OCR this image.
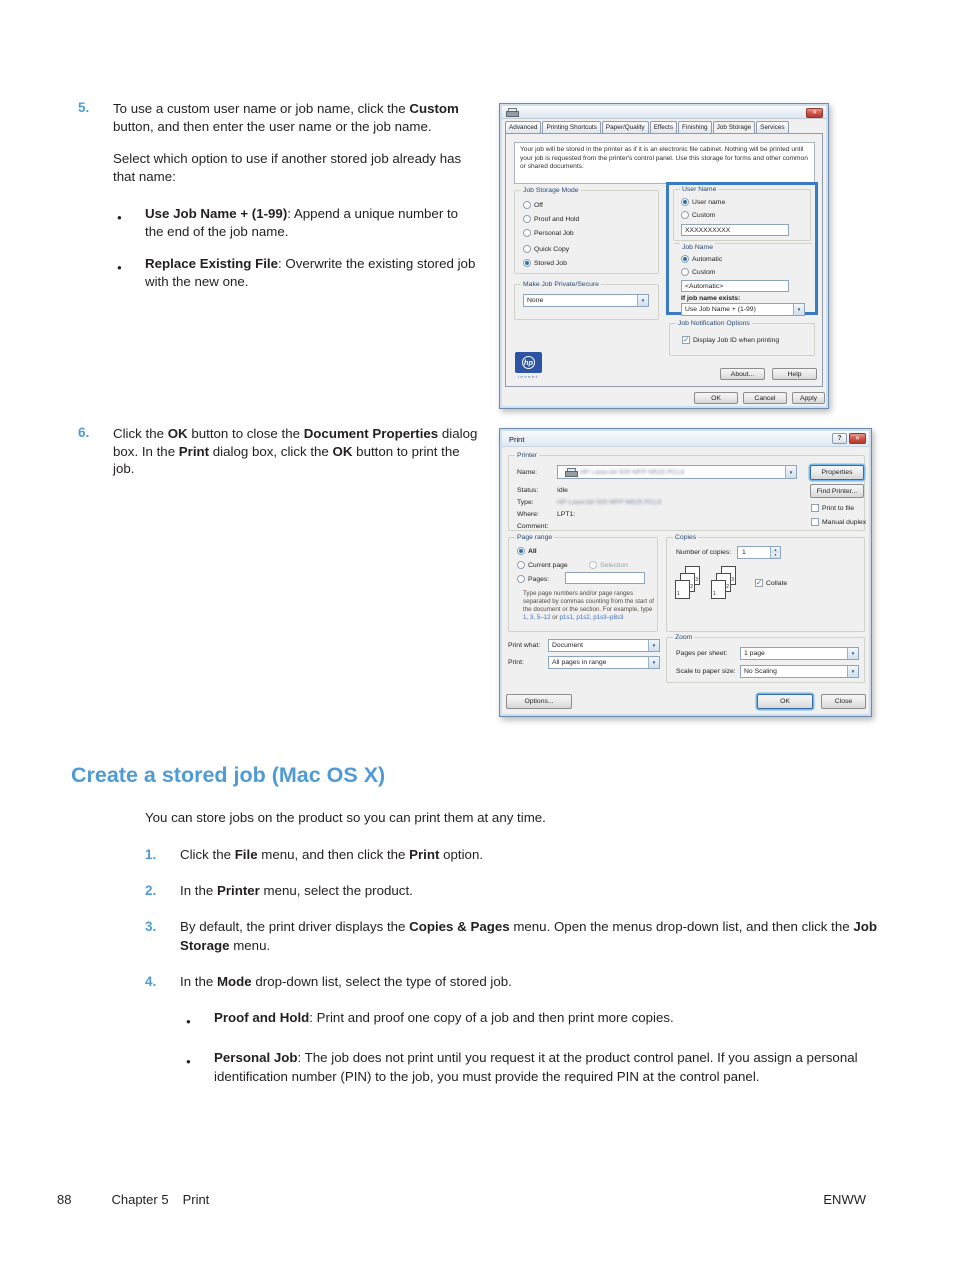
5.	To use a custom user name or job name, click the Custom button, and then enter the user name or the job name.

Select which option to use if another stored job already has that name:

●	Use Job Name + (1-99): Append a unique number to the end of the job name.
●	Replace Existing File: Overwrite the existing stored job with the new one.
6.	Click the OK button to close the Document Properties dialog box. In the Print dialog box, click the OK button to print the job.

✕
Advanced	Printing Shortcuts	Paper/Quality	Effects	Finishing	Job Storage	Services
Your job will be stored in the printer as if it is an electronic file cabinet. Nothing will be printed until your job is requested from the printer's control panel. Use this storage for forms and other common or shared documents.
Job Storage Mode
Off
Proof and Hold
Personal Job
Quick Copy
Stored Job
Make Job Private/Secure
None	▼
User Name
User name
Custom
XXXXXXXXXX
Job Name
Automatic
Custom
<Automatic>
If job name exists:
Use Job Name + (1-99)	▼
Job Notification Options
✓ Display Job ID when printing
hp
invent	About...	Help
OK	Cancel	Apply
Print	?	✕
Printer
Name:	HP LaserJet 500 MFP M525 PCL6	▼	Properties
Status:	Idle	Find Printer...
Type:	HP LaserJet 500 MFP M525 PCL6
Where:	LPT1:
Comment:
Print to file
Manual duplex
Page range
All
Current page	Selection
Pages:
Type page numbers and/or page ranges separated by commas counting from the start of the document or the section. For example, type 1, 3, 5–12 or p1s1, p1s2, p1s3–p8s3
Copies
Number of copies: 1	▲
▼
3
2
1
3
2
1
✓ Collate
Print what: Document	▼
Print:	All pages in range	▼
Zoom
Pages per sheet: 1 page	▼
Scale to paper size: No Scaling	▼
Options...	OK	Close
Create a stored job (Mac OS X)

You can store jobs on the product so you can print them at any time.

1.	Click the File menu, and then click the Print option.
2.	In the Printer menu, select the product.
3.	By default, the print driver displays the Copies & Pages menu. Open the menus drop-down list, and then click the Job Storage menu.
4.	In the Mode drop-down list, select the type of stored job.
●	Proof and Hold: Print and proof one copy of a job and then print more copies.
●	Personal Job: The job does not print until you request it at the product control panel. If you assign a personal identification number (PIN) to the job, you must provide the required PIN at the control panel.
88	Chapter 5 Print	ENWW
